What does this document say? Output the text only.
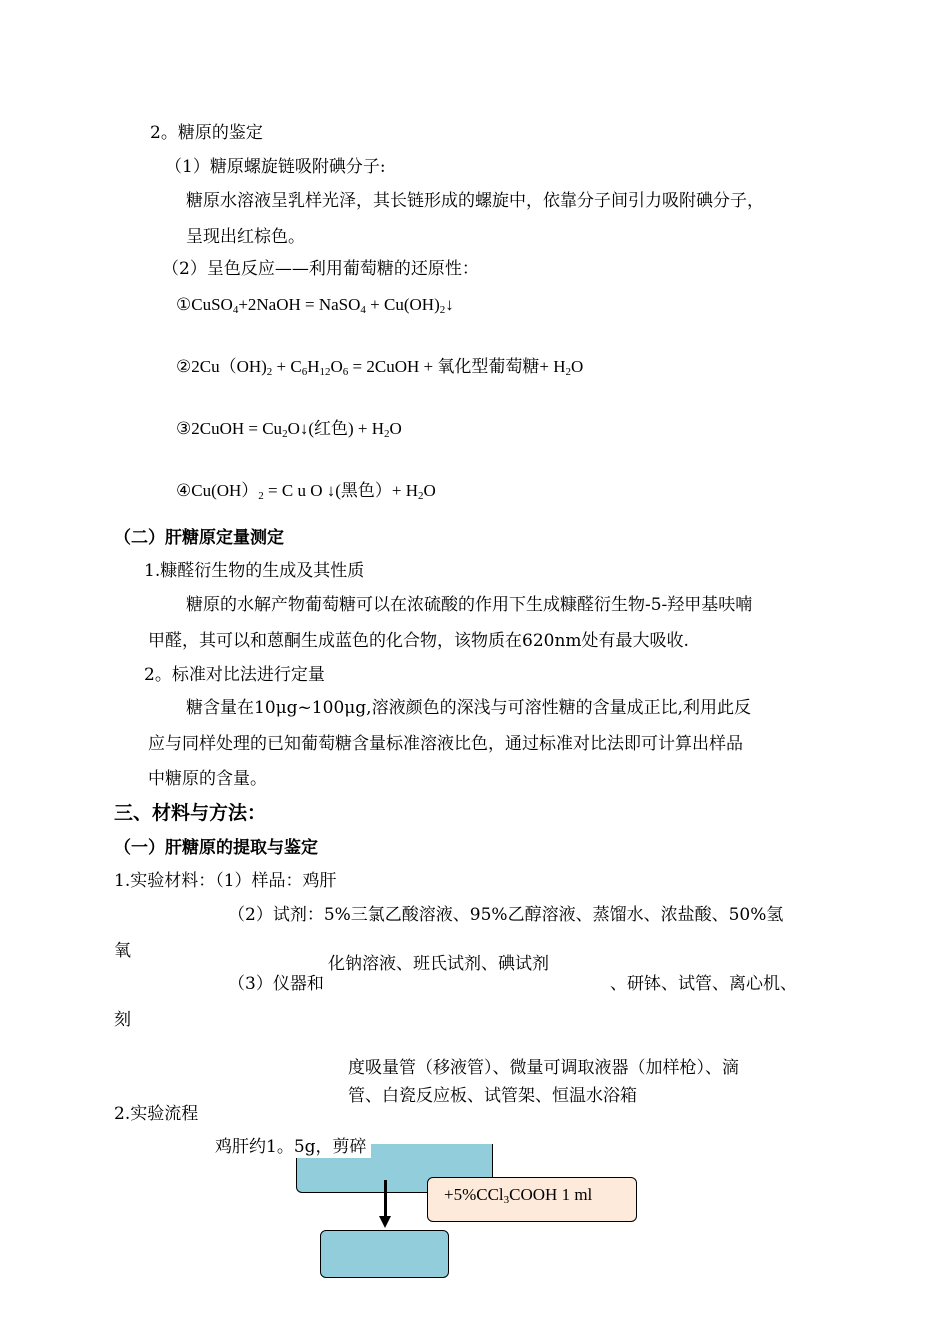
2。糖原的鉴定
（1）糖原螺旋链吸附碘分子:
糖原水溶液呈乳样光泽，其长链形成的螺旋中，依靠分子间引力吸附碘分子，
呈现出红棕色。
（2）呈色反应——利用葡萄糖的还原性：
①CuSO$_4$+2NaOH = NaSO$_4$ + $Cu(OH)_2↓$
$②2Cu(OH)_2 + C_6H_{12}O_6$ = 2CuOH + 氧化型葡萄糖+ $H_2O$
③2CuOH = $Cu_2O↓$(红色) + $H_2O$
$④Cu(OH)_2 = C$ u O ↓(黑色）+ $H_2O$
（二）肝糖原定量测定
1.糠醛衍生物的生成及其性质
糖原的水解产物葡萄糖可以在浓硫酸的作用下生成糠醛衍生物-5-羟甲基呋喃
甲醛，其可以和蒽酮生成蓝色的化合物，该物质在620nm处有最大吸收.
2。标准对比法进行定量
糖含量在10μg~100μg,溶液颜色的深浅与可溶性糖的含量成正比,利用此反
应与同样处理的已知葡萄糖含量标准溶液比色，通过标准对比法即可计算出样品
中糖原的含量。
三、材料与方法：
（一）肝糖原的提取与鉴定
1.实验材料：（1）样品：鸡肝
（2）试剂：5%三氯乙酸溶液、95%乙醇溶液、蒸馏水、浓盐酸、50%氢
氧
化钠溶液、班氏试剂、碘试剂
（3）仪器和	、研钵、试管、离心机、
刻
度吸量管（移液管）、微量可调取液器（加样枪）、滴
管、白瓷反应板、试管架、恒温水浴箱
2.实验流程
鸡肝约1。5g，剪碎
+5%CCl$_3$COOH 1 ml
